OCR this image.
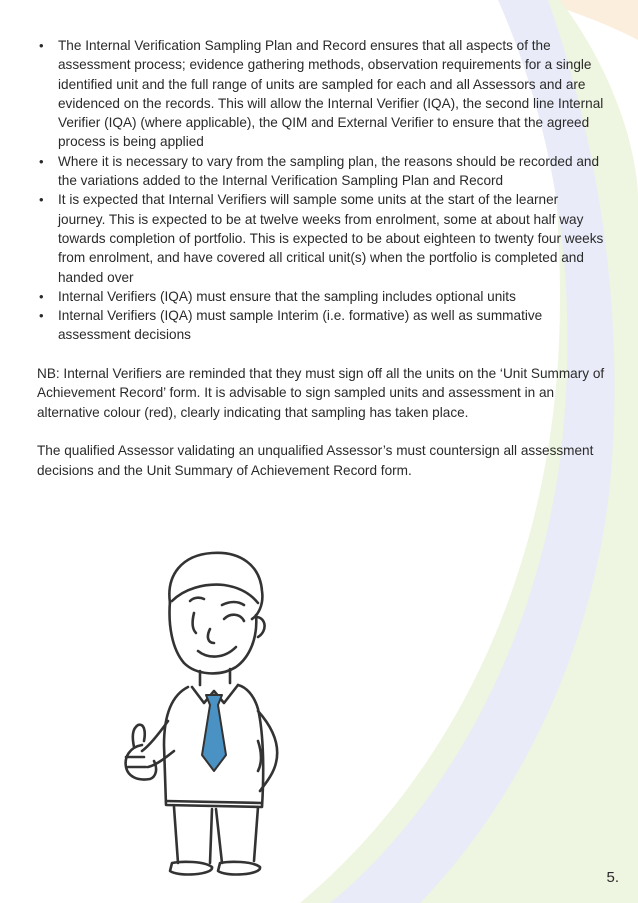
• The Internal Verification Sampling Plan and Record ensures that all aspects of the assessment process; evidence gathering methods, observation requirements for a single identified unit and the full range of units are sampled for each and all Assessors and are evidenced on the records. This will allow the Internal Verifier (IQA), the second line Internal Verifier (IQA) (where applicable), the QIM and External Verifier to ensure that the agreed process is being applied
• Where it is necessary to vary from the sampling plan, the reasons should be recorded and the variations added to the Internal Verification Sampling Plan and Record
• It is expected that Internal Verifiers will sample some units at the start of the learner journey. This is expected to be at twelve weeks from enrolment, some at about half way towards completion of portfolio. This is expected to be about eighteen to twenty four weeks from enrolment, and have covered all critical unit(s) when the portfolio is completed and handed over
• Internal Verifiers (IQA) must ensure that the sampling includes optional units
• Internal Verifiers (IQA) must sample Interim (i.e. formative) as well as summative assessment decisions

NB: Internal Verifiers are reminded that they must sign off all the units on the ‘Unit Summary of Achievement Record’ form. It is advisable to sign sampled units and assessment in an alternative colour (red), clearly indicating that sampling has taken place.

The qualified Assessor validating an unqualified Assessor’s must countersign all assessment decisions and the Unit Summary of Achievement Record form.

5.
